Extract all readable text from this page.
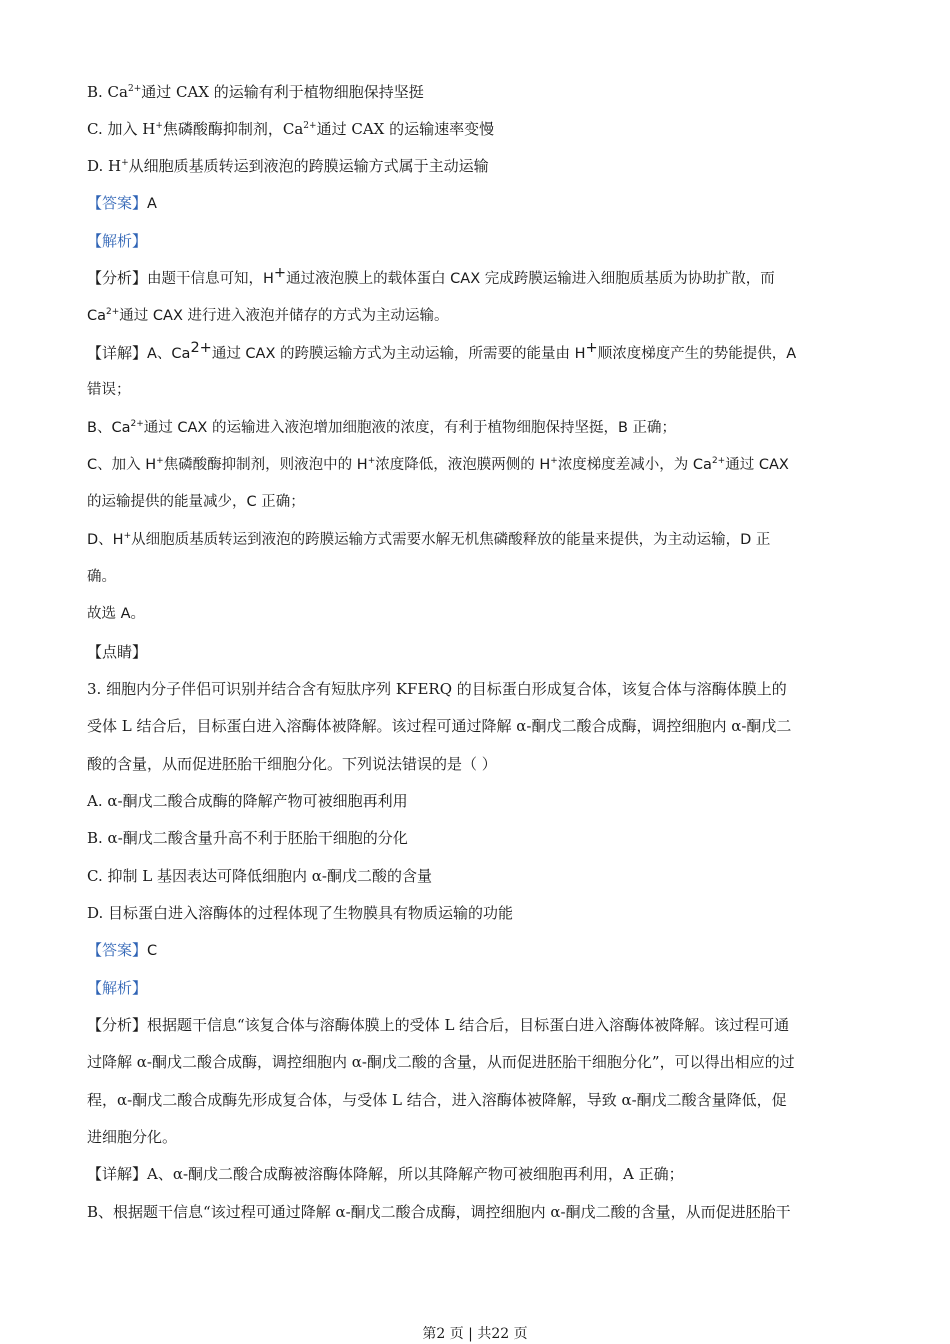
B. $Ca^{2+}$通过 CAX 的运输有利于植物细胞保持坚挺
C. 加入 H+焦磷酸酶抑制剂，$Ca^{2+}$通过 CAX 的运输速率变慢
D. H+从细胞质基质转运到液泡的跨膜运输方式属于主动运输
【答案】A
【解析】
【分析】由题干信息可知，H+通过液泡膜上的载体蛋白 CAX 完成跨膜运输进入细胞质基质为协助扩散，而
$Ca^{2+}$通过 CAX 进行进入液泡并储存的方式为主动运输。
【详解】A、$Ca^{2+}$通过 CAX 的跨膜运输方式为主动运输，所需要的能量由 H+顺浓度梯度产生的势能提供，A
错误；
B、$Ca^{2+}$通过 CAX 的运输进入液泡增加细胞液的浓度，有利于植物细胞保持坚挺，B 正确；
C、加入 H+焦磷酸酶抑制剂，则液泡中的 H+浓度降低，液泡膜两侧的 H+浓度梯度差减小，为 $Ca^{2+}$通过 CAX
的运输提供的能量减少，C 正确；
D、H+从细胞质基质转运到液泡的跨膜运输方式需要水解无机焦磷酸释放的能量来提供，为主动运输，D 正
确。
故选 A。
【点睛】
3. 细胞内分子伴侣可识别并结合含有短肽序列 KFERQ 的目标蛋白形成复合体，该复合体与溶酶体膜上的
受体 L 结合后，目标蛋白进入溶酶体被降解。该过程可通过降解 α-酮戊二酸合成酶，调控细胞内 α-酮戊二
酸的含量，从而促进胚胎干细胞分化。下列说法错误的是（ ）
A. α-酮戊二酸合成酶的降解产物可被细胞再利用
B. α-酮戊二酸含量升高不利于胚胎干细胞的分化
C. 抑制 L 基因表达可降低细胞内 α-酮戊二酸的含量
D. 目标蛋白进入溶酶体的过程体现了生物膜具有物质运输的功能
【答案】C
【解析】
【分析】根据题干信息“该复合体与溶酶体膜上的受体 L 结合后，目标蛋白进入溶酶体被降解。该过程可通
过降解 α-酮戊二酸合成酶，调控细胞内 α-酮戊二酸的含量，从而促进胚胎干细胞分化”，可以得出相应的过
程，α-酮戊二酸合成酶先形成复合体，与受体 L 结合，进入溶酶体被降解，导致 α-酮戊二酸含量降低，促
进细胞分化。
【详解】A、α-酮戊二酸合成酶被溶酶体降解，所以其降解产物可被细胞再利用，A 正确；
B、根据题干信息“该过程可通过降解 α-酮戊二酸合成酶，调控细胞内 α-酮戊二酸的含量，从而促进胚胎干
第2 页 | 共22 页
